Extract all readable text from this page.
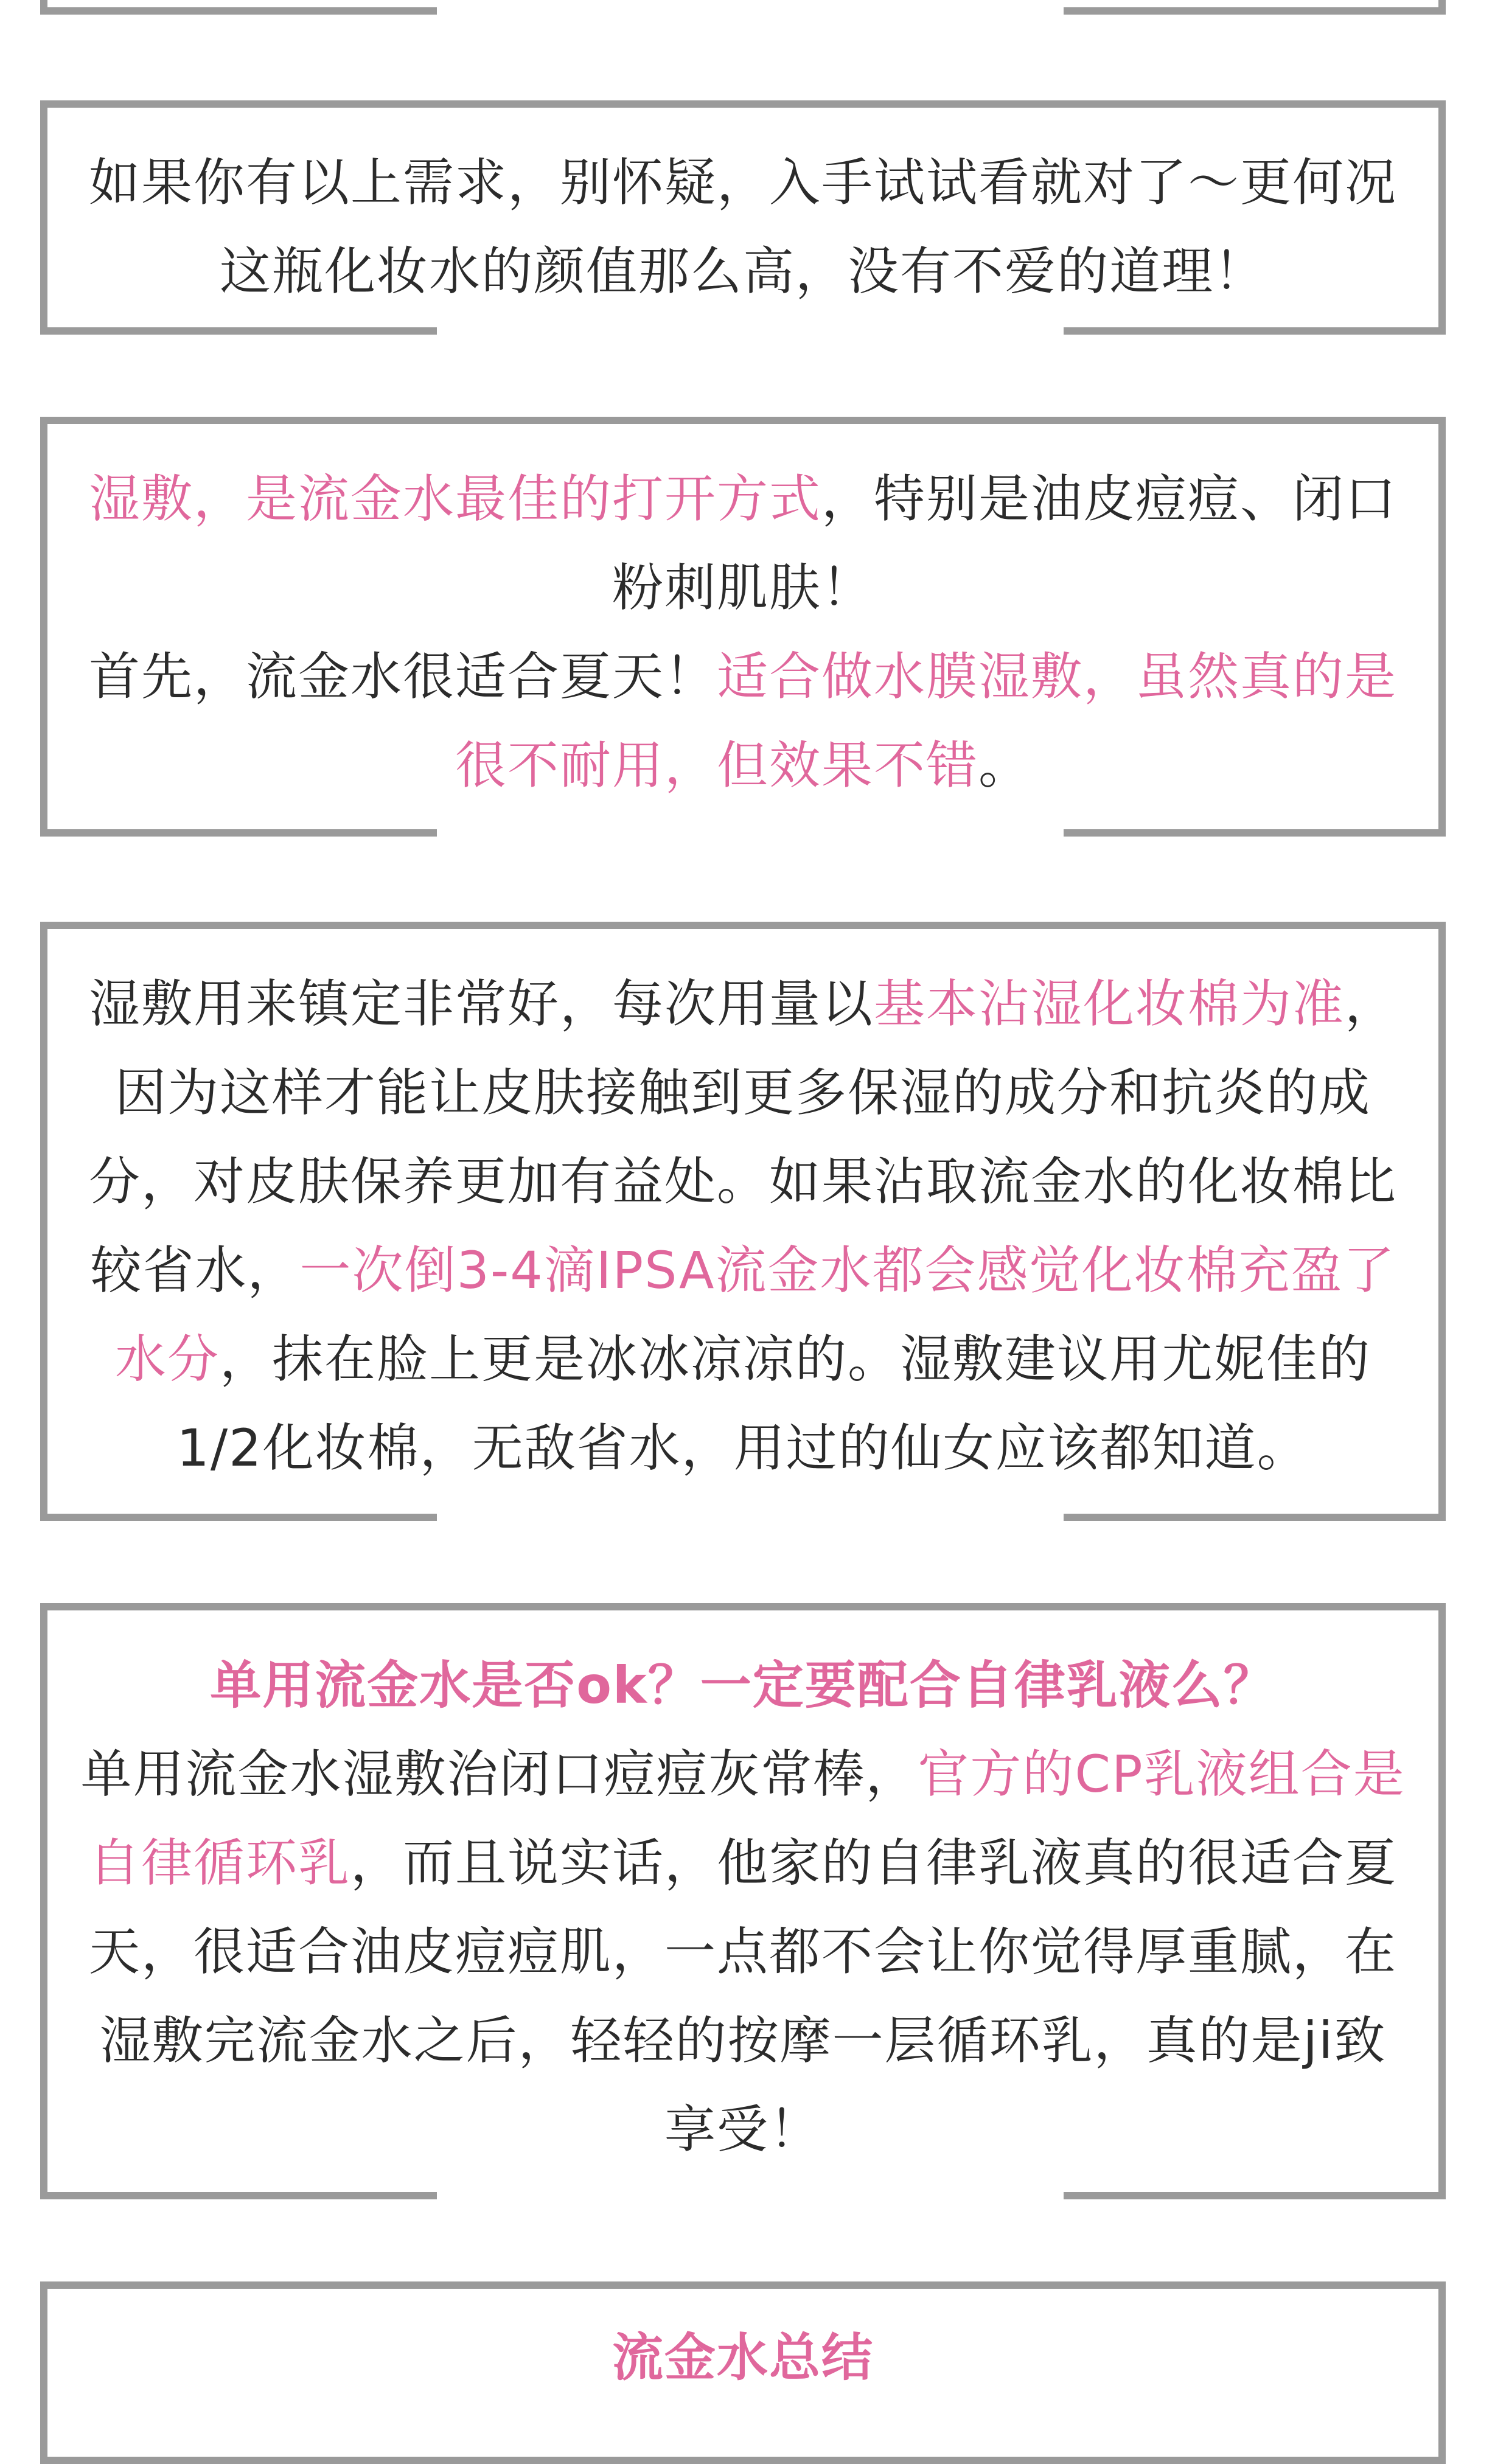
如果你有以上需求，别怀疑，入手试试看就对了～更何况这瓶化妆水的颜值那么高，没有不爱的道理！

湿敷，是流金水最佳的打开方式，特别是油皮痘痘、闭口粉刺肌肤！

首先，流金水很适合夏天！适合做水膜湿敷，虽然真的是很不耐用，但效果不错。

湿敷用来镇定非常好，每次用量以基本沾湿化妆棉为准，因为这样才能让皮肤接触到更多保湿的成分和抗炎的成分，对皮肤保养更加有益处。如果沾取流金水的化妆棉比较省水，一次倒3-4滴IPSA流金水都会感觉化妆棉充盈了水分，抹在脸上更是冰冰凉凉的。湿敷建议用尤妮佳的1/2化妆棉，无敌省水，用过的仙女应该都知道。

单用流金水是否ok？一定要配合自律乳液么？

单用流金水湿敷治闭口痘痘灰常棒，官方的CP乳液组合是自律循环乳，而且说实话，他家的自律乳液真的很适合夏天，很适合油皮痘痘肌，一点都不会让你觉得厚重腻，在湿敷完流金水之后，轻轻的按摩一层循环乳，真的是ji致享受！

流金水总结
